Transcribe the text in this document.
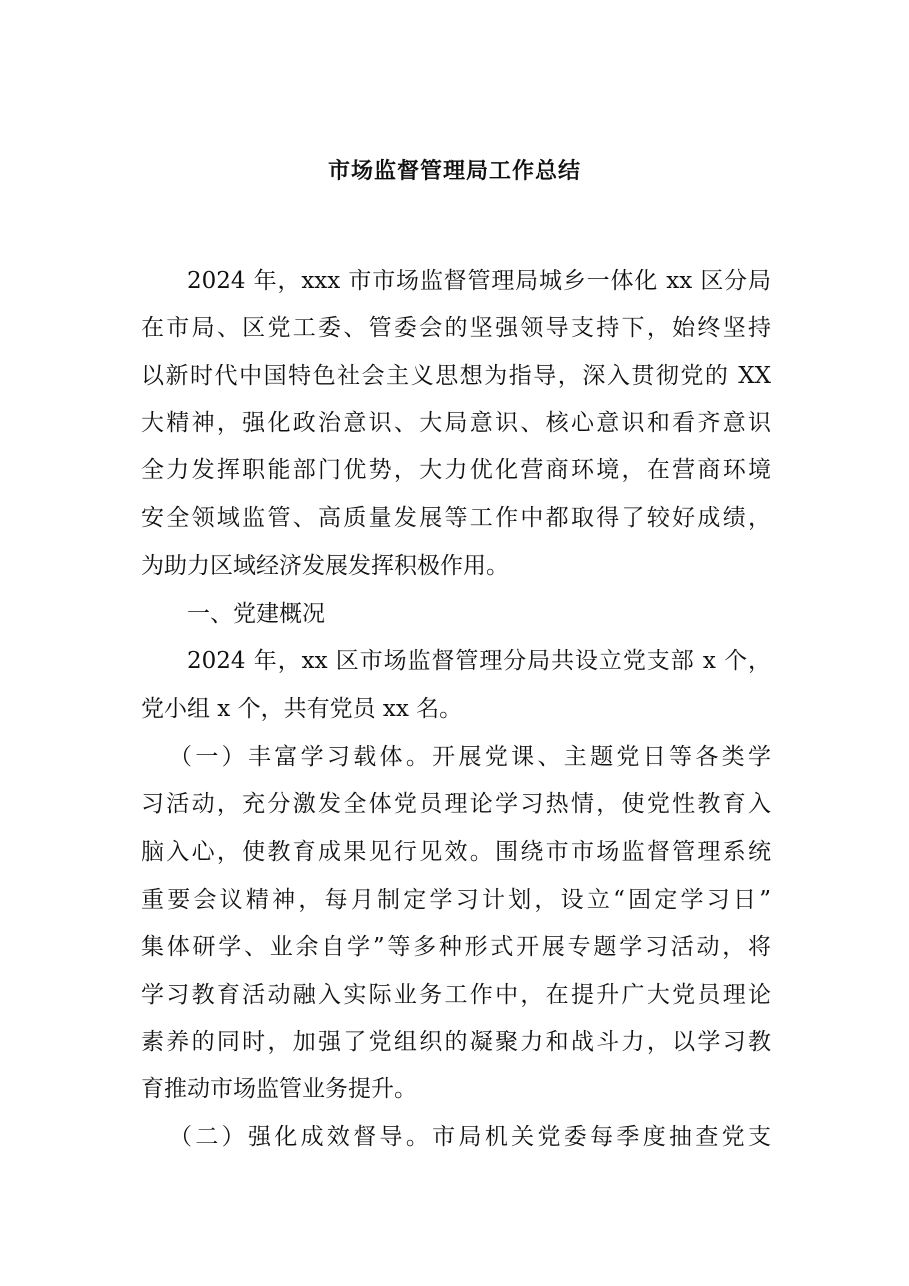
市场监督管理局工作总结
2024 年，xxx 市市场监督管理局城乡一体化 xx 区分局
在市局、区党工委、管委会的坚强领导支持下，始终坚持
以新时代中国特色社会主义思想为指导，深入贯彻党的 XX
大精神，强化政治意识、大局意识、核心意识和看齐意识
全力发挥职能部门优势，大力优化营商环境，在营商环境
安全领域监管、高质量发展等工作中都取得了较好成绩，
为助力区域经济发展发挥积极作用。
一、党建概况
2024 年，xx 区市场监督管理分局共设立党支部 x 个，
党小组 x 个，共有党员 xx 名。
（一）丰富学习载体。开展党课、主题党日等各类学
习活动，充分激发全体党员理论学习热情，使党性教育入
脑入心，使教育成果见行见效。围绕市市场监督管理系统
重要会议精神，每月制定学习计划，设立“固定学习日”
集体研学、业余自学”等多种形式开展专题学习活动，将
学习教育活动融入实际业务工作中，在提升广大党员理论
素养的同时，加强了党组织的凝聚力和战斗力，以学习教
育推动市场监管业务提升。
（二）强化成效督导。市局机关党委每季度抽查党支
